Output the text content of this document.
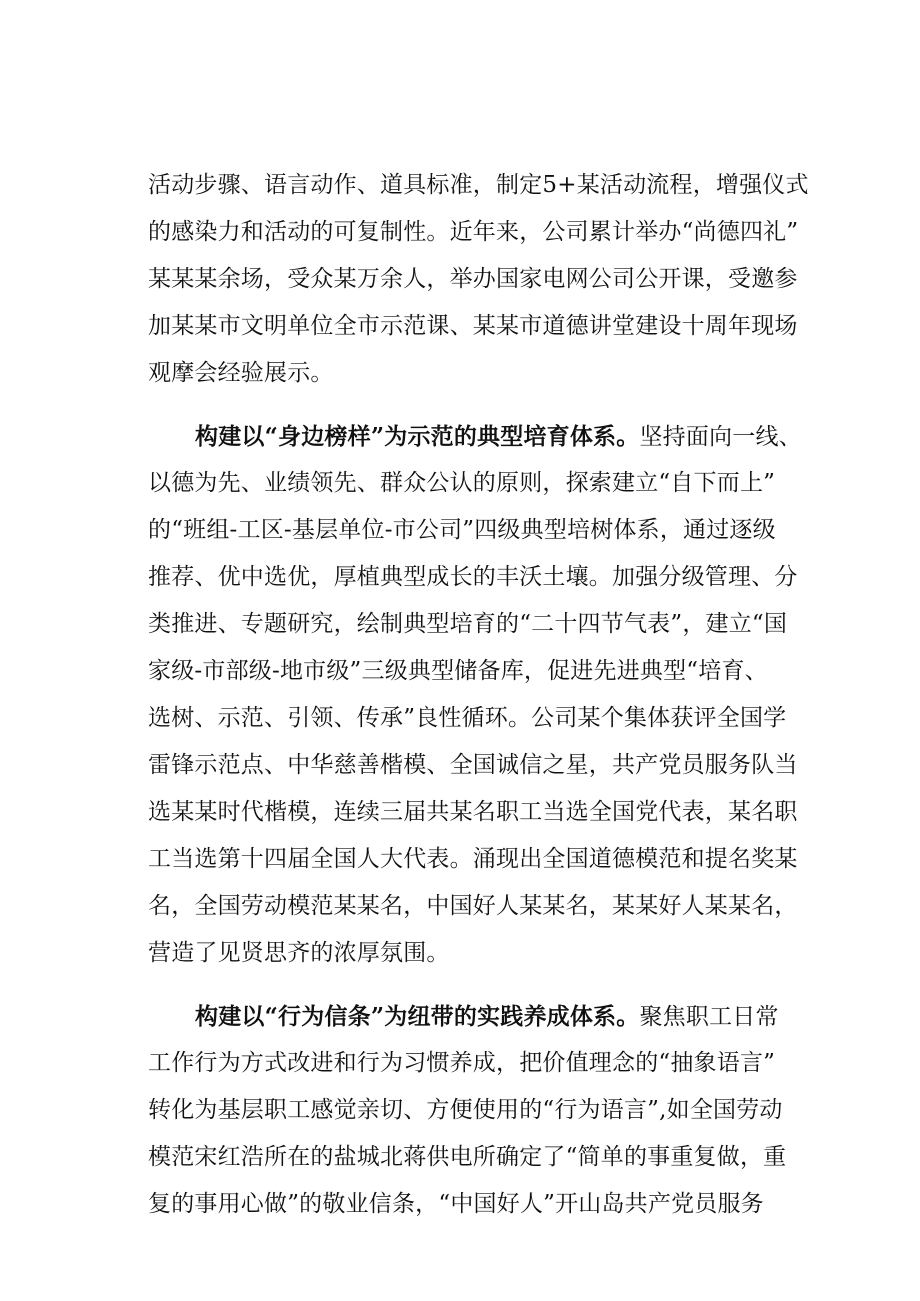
活动步骤、语言动作、道具标准，制定5+某活动流程，增强仪式
的感染力和活动的可复制性。近年来，公司累计举办“尚德四礼”
某某某余场，受众某万余人，举办国家电网公司公开课，受邀参
加某某市文明单位全市示范课、某某市道德讲堂建设十周年现场
观摩会经验展示。
构建以“身边榜样”为示范的典型培育体系。坚持面向一线、
以德为先、业绩领先、群众公认的原则，探索建立“自下而上”
的“班组-工区-基层单位-市公司”四级典型培树体系，通过逐级
推荐、优中选优，厚植典型成长的丰沃土壤。加强分级管理、分
类推进、专题研究，绘制典型培育的“二十四节气表”，建立“国
家级-市部级-地市级”三级典型储备库，促进先进典型“培育、
选树、示范、引领、传承”良性循环。公司某个集体获评全国学
雷锋示范点、中华慈善楷模、全国诚信之星，共产党员服务队当
选某某时代楷模，连续三届共某名职工当选全国党代表，某名职
工当选第十四届全国人大代表。涌现出全国道德模范和提名奖某
名，全国劳动模范某某名，中国好人某某名，某某好人某某名，
营造了见贤思齐的浓厚氛围。
构建以“行为信条”为纽带的实践养成体系。聚焦职工日常
工作行为方式改进和行为习惯养成，把价值理念的“抽象语言”
转化为基层职工感觉亲切、方便使用的“行为语言”,如全国劳动
模范宋红浩所在的盐城北蒋供电所确定了“简单的事重复做，重
复的事用心做”的敬业信条，“中国好人”开山岛共产党员服务
